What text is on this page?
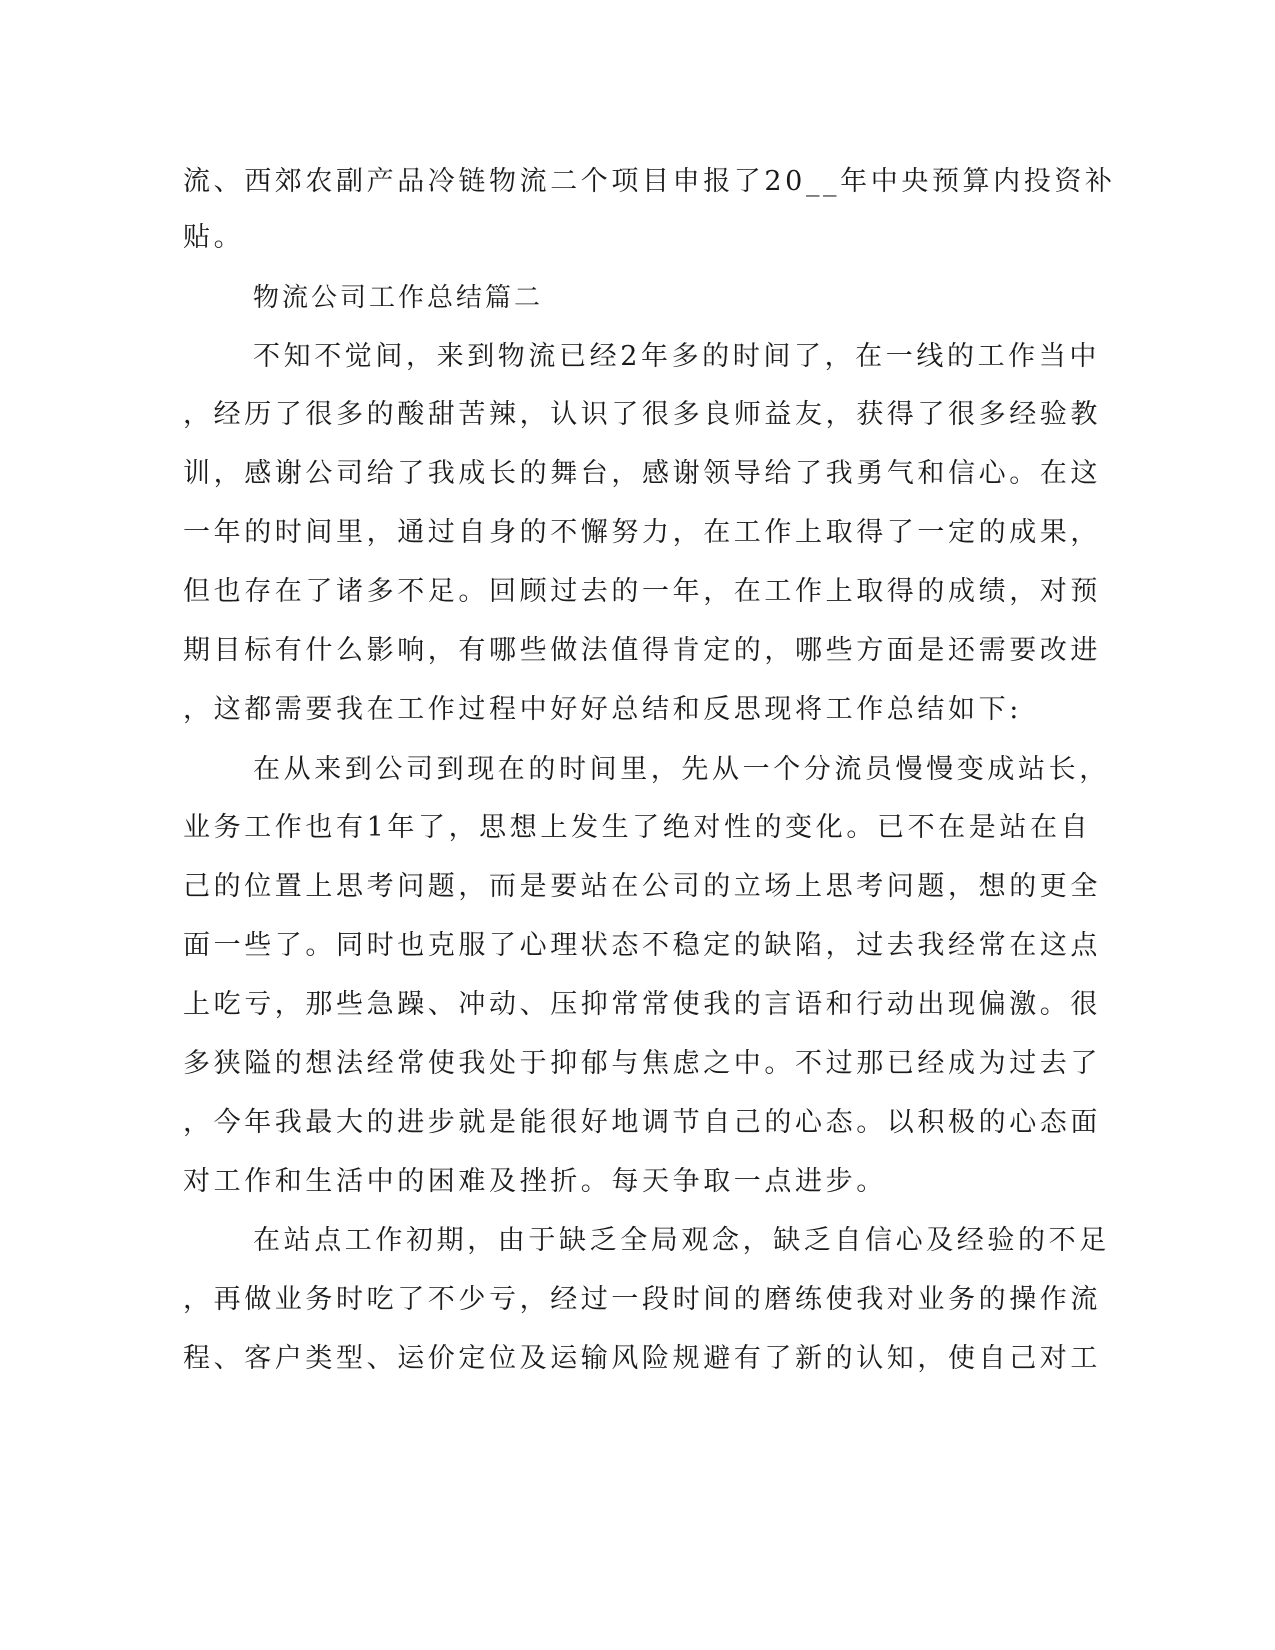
流、西郊农副产品冷链物流二个项目申报了20__年中央预算内投资补
贴。
物流公司工作总结篇二
不知不觉间，来到物流已经2年多的时间了，在一线的工作当中
，经历了很多的酸甜苦辣，认识了很多良师益友，获得了很多经验教
训，感谢公司给了我成长的舞台，感谢领导给了我勇气和信心。在这
一年的时间里，通过自身的不懈努力，在工作上取得了一定的成果，
但也存在了诸多不足。回顾过去的一年，在工作上取得的成绩，对预
期目标有什么影响，有哪些做法值得肯定的，哪些方面是还需要改进
，这都需要我在工作过程中好好总结和反思现将工作总结如下:
在从来到公司到现在的时间里，先从一个分流员慢慢变成站长，
业务工作也有1年了，思想上发生了绝对性的变化。已不在是站在自
己的位置上思考问题，而是要站在公司的立场上思考问题，想的更全
面一些了。同时也克服了心理状态不稳定的缺陷，过去我经常在这点
上吃亏，那些急躁、冲动、压抑常常使我的言语和行动出现偏激。很
多狭隘的想法经常使我处于抑郁与焦虑之中。不过那已经成为过去了
，今年我最大的进步就是能很好地调节自己的心态。以积极的心态面
对工作和生活中的困难及挫折。每天争取一点进步。
在站点工作初期，由于缺乏全局观念，缺乏自信心及经验的不足
，再做业务时吃了不少亏，经过一段时间的磨练使我对业务的操作流
程、客户类型、运价定位及运输风险规避有了新的认知，使自己对工
